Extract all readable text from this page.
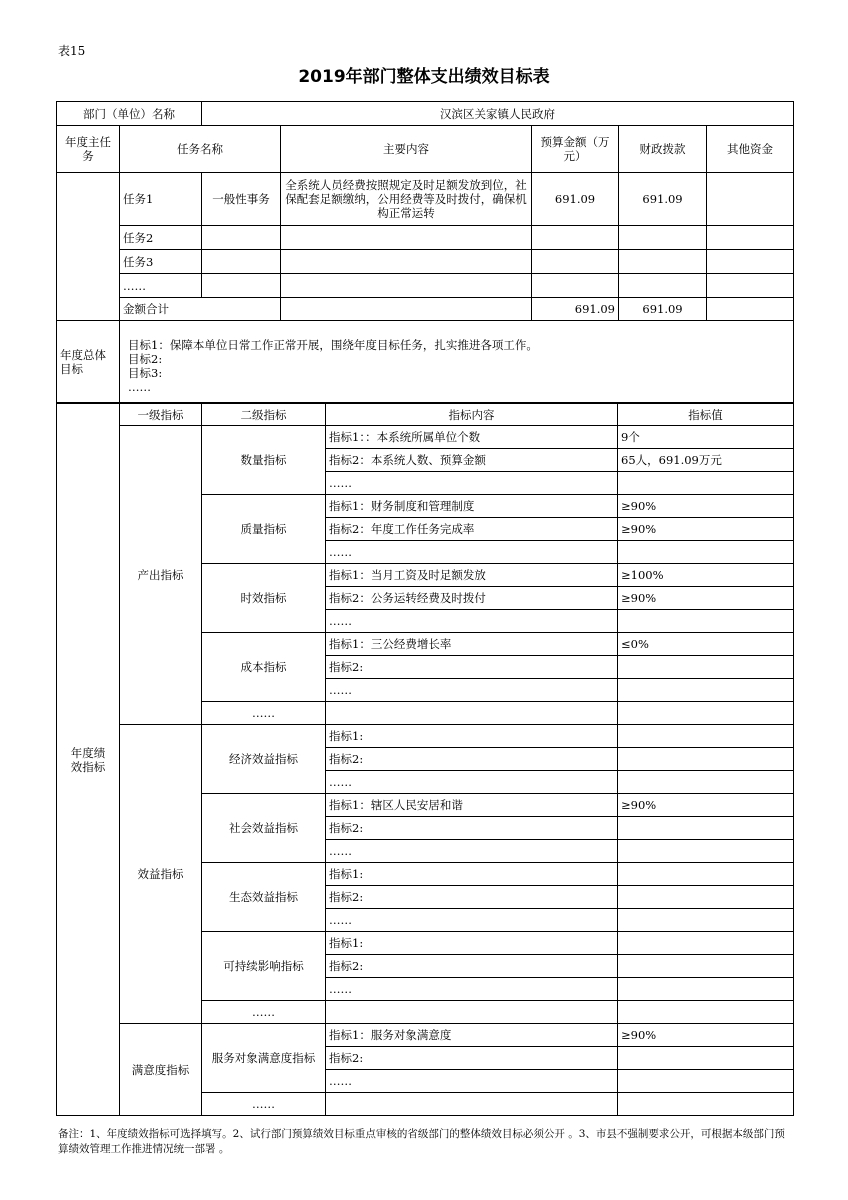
表15
2019年部门整体支出绩效目标表
部门（单位）名称		汉滨区关家镇人民政府				
年度主任务	任务名称		主要内容	预算金额（万元）	财政拨款	其他资金
	任务1	一般性事务	全系统人员经费按照规定及时足额发放到位，社保配套足额缴纳，公用经费等及时拨付，确保机构正常运转	691.09	691.09	
	任务2					
	任务3					
	……					
	金额合计			691.09	691.09	
年度总体目标	目标1：保障本单位日常工作正常开展，围绕年度目标任务，扎实推进各项工作。
目标2:
目标3:
……					
年度绩效指标	一级指标	二级指标	指标内容	指标值
	产出指标	数量指标	指标1：：本系统所属单位个数	9个
			指标2：本系统人数、预算金额	65人，691.09万元
			……	
		质量指标	指标1：财务制度和管理制度	≥90%
			指标2：年度工作任务完成率	≥90%
			……	
		时效指标	指标1：当月工资及时足额发放	≥100%
			指标2：公务运转经费及时拨付	≥90%
			……	
		成本指标	指标1：三公经费增长率	≤0%
			指标2:	
			……	
		……		
	效益指标	经济效益指标	指标1:	
			指标2:	
			……	
		社会效益指标	指标1：辖区人民安居和谐	≥90%
			指标2:	
			……	
		生态效益指标	指标1:	
			指标2:	
			……	
		可持续影响指标	指标1:	
			指标2:	
			……	
		……		
	满意度指标	服务对象满意度指标	指标1：服务对象满意度	≥90%
			指标2:	
			……	
		……		
备注：1、年度绩效指标可选择填写。2、试行部门预算绩效目标重点审核的省级部门的整体绩效目标必须公开 。3、市县不强制要求公开，可根据本级部门预算绩效管理工作推进情况统一部署 。
